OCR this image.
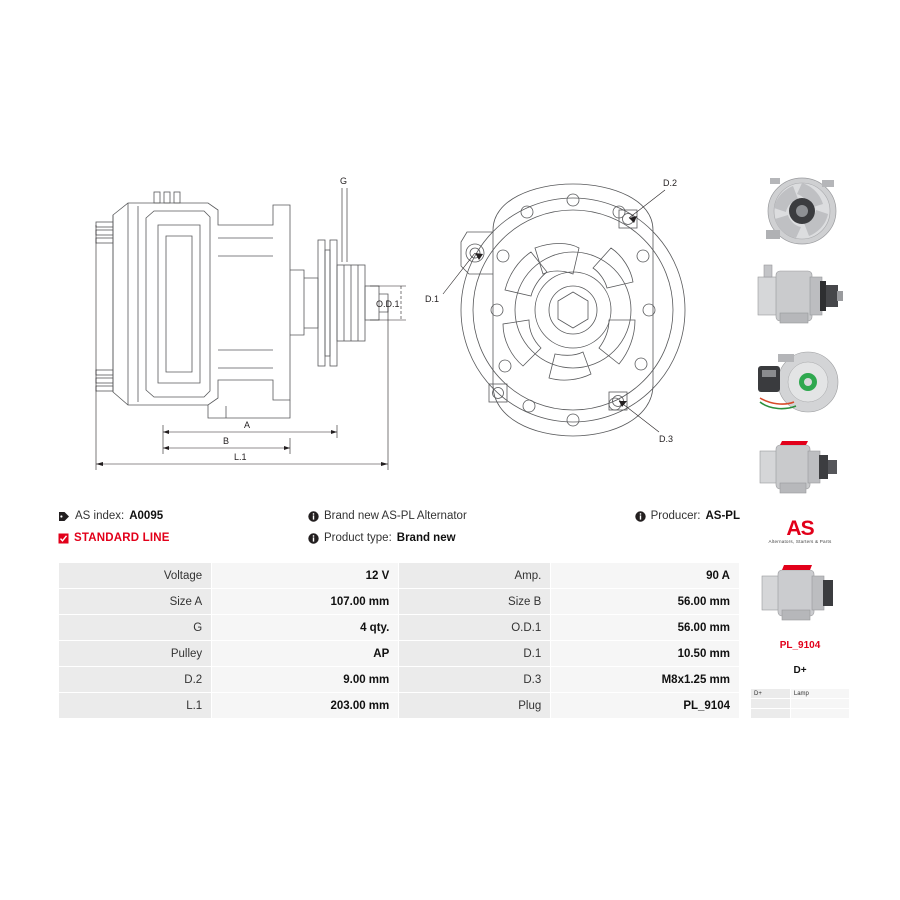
G
O.D.1
A
B
L.1
D.2
D.1
D.3
AS index: A0095	Brand new AS-PL Alternator	Producer: AS-PL
STANDARD LINE	Product type: Brand new
Voltage	12 V	Amp.	90 A
Size A	107.00 mm	Size B	56.00 mm
G	4 qty.	O.D.1	56.00 mm
Pulley	AP	D.1	10.50 mm
D.2	9.00 mm	D.3	M8x1.25 mm
L.1	203.00 mm	Plug	PL_9104
AS
Alternators, Starters & Parts
PL_9104
D+
D+	Lamp
